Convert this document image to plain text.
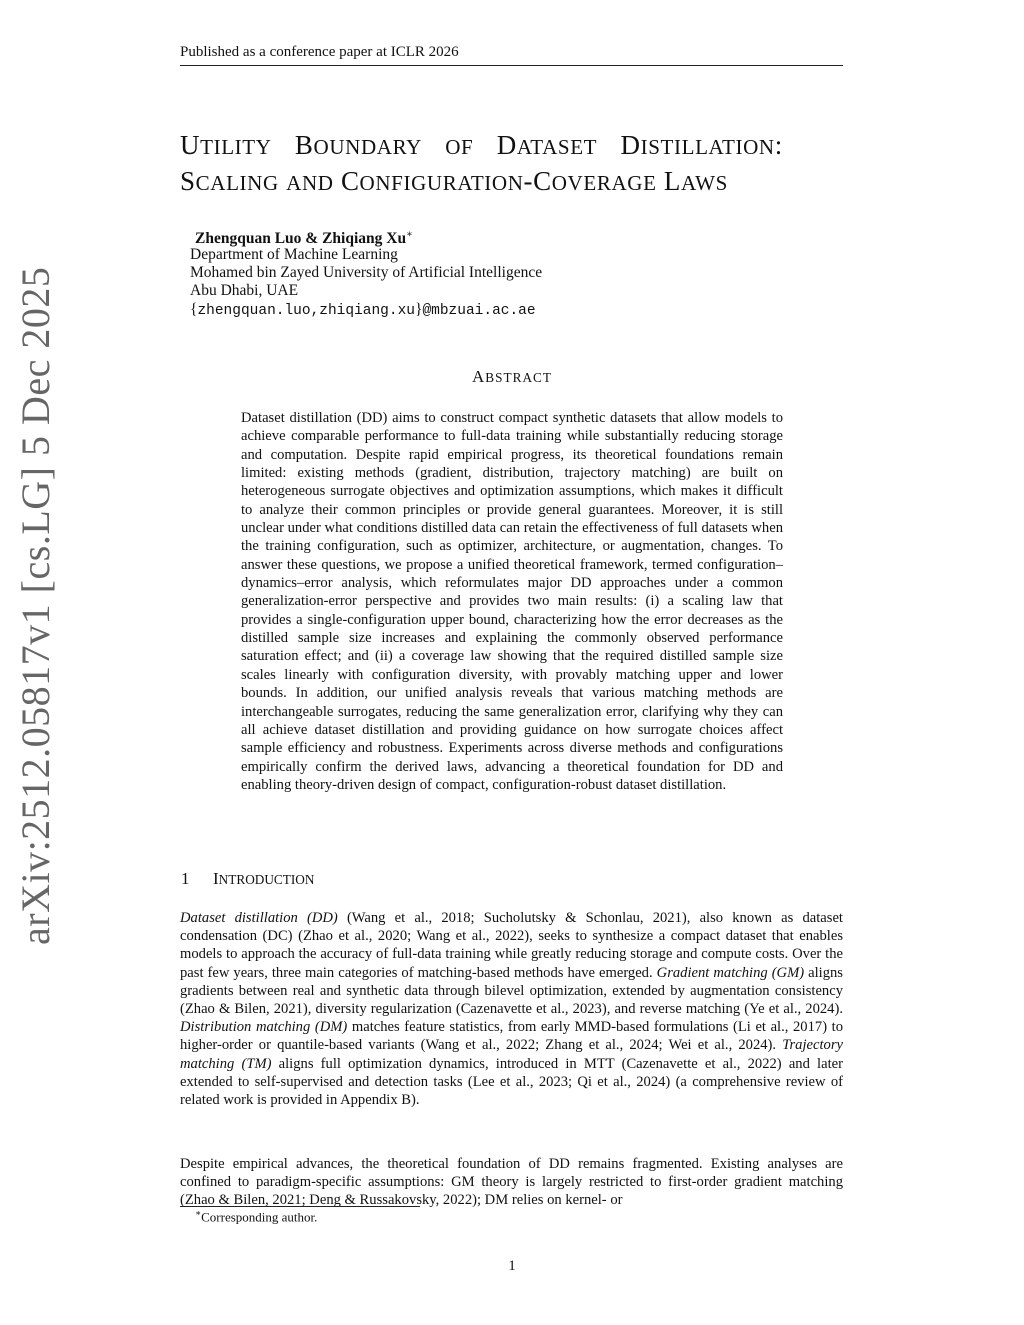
Published as a conference paper at ICLR 2026
UTILITY BOUNDARY OF DATASET DISTILLATION:
SCALING AND CONFIGURATION-COVERAGE LAWS
Zhengquan Luo & Zhiqiang Xu∗
Department of Machine Learning
Mohamed bin Zayed University of Artificial Intelligence
Abu Dhabi, UAE
{zhengquan.luo,zhiqiang.xu}@mbzuai.ac.ae
arXiv:2512.05817v1 [cs.LG] 5 Dec 2025	ABSTRACT
Dataset distillation (DD) aims to construct compact synthetic datasets that allow models to achieve comparable performance to full-data training while substantially reducing storage and computation. Despite rapid empirical progress, its theoretical foundations remain limited: existing methods (gradient, distribution, trajectory matching) are built on heterogeneous surrogate objectives and optimization assumptions, which makes it difficult to analyze their common principles or provide general guarantees. Moreover, it is still unclear under what conditions distilled data can retain the effectiveness of full datasets when the training configuration, such as optimizer, architecture, or augmentation, changes. To answer these questions, we propose a unified theoretical framework, termed configuration–dynamics–error analysis, which reformulates major DD approaches under a common generalization-error perspective and provides two main results: (i) a scaling law that provides a single-configuration upper bound, characterizing how the error decreases as the distilled sample size increases and explaining the commonly observed performance saturation effect; and (ii) a coverage law showing that the required distilled sample size scales linearly with configuration diversity, with provably matching upper and lower bounds. In addition, our unified analysis reveals that various matching methods are interchangeable surrogates, reducing the same generalization error, clarifying why they can all achieve dataset distillation and providing guidance on how surrogate choices affect sample efficiency and robustness. Experiments across diverse methods and configurations empirically confirm the derived laws, advancing a theoretical foundation for DD and enabling theory-driven design of compact, configuration-robust dataset distillation.
1 INTRODUCTION
Dataset distillation (DD) (Wang et al., 2018; Sucholutsky & Schonlau, 2021), also known as dataset condensation (DC) (Zhao et al., 2020; Wang et al., 2022), seeks to synthesize a compact dataset that enables models to approach the accuracy of full-data training while greatly reducing storage and compute costs. Over the past few years, three main categories of matching-based methods have emerged. Gradient matching (GM) aligns gradients between real and synthetic data through bilevel optimization, extended by augmentation consistency (Zhao & Bilen, 2021), diversity regularization (Cazenavette et al., 2023), and reverse matching (Ye et al., 2024). Distribution matching (DM) matches feature statistics, from early MMD-based formulations (Li et al., 2017) to higher-order or quantile-based variants (Wang et al., 2022; Zhang et al., 2024; Wei et al., 2024). Trajectory matching (TM) aligns full optimization dynamics, introduced in MTT (Cazenavette et al., 2022) and later extended to self-supervised and detection tasks (Lee et al., 2023; Qi et al., 2024) (a comprehensive review of related work is provided in Appendix B).
Despite empirical advances, the theoretical foundation of DD remains fragmented. Existing analyses are confined to paradigm-specific assumptions: GM theory is largely restricted to first-order gradient matching (Zhao & Bilen, 2021; Deng & Russakovsky, 2022); DM relies on kernel- or
∗Corresponding author.
1
